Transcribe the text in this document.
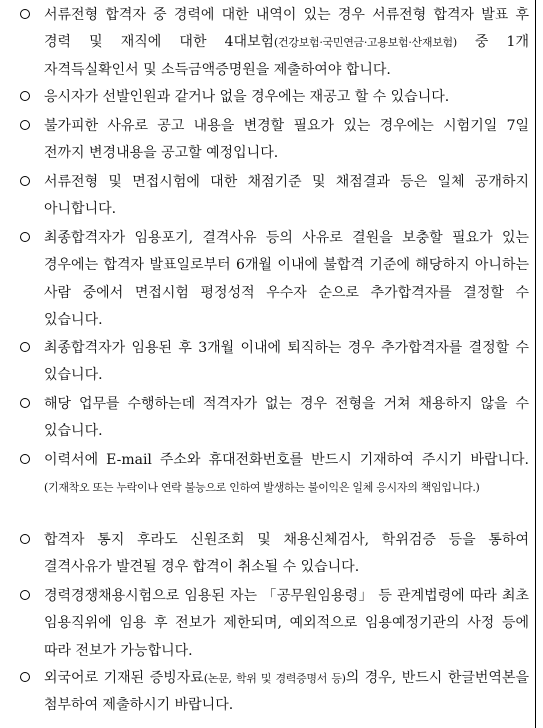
서류전형 합격자 중 경력에 대한 내역이 있는 경우 서류전형 합격자 발표 후 경력 및 재직에 대한 4대보험(건강보험·국민연금·고용보험·산재보험) 중 1개 자격득실확인서 및 소득금액증명원을 제출하여야 합니다.
응시자가 선발인원과 같거나 없을 경우에는 재공고 할 수 있습니다.
불가피한 사유로 공고 내용을 변경할 필요가 있는 경우에는 시험기일 7일 전까지 변경내용을 공고할 예정입니다.
서류전형 및 면접시험에 대한 채점기준 및 채점결과 등은 일체 공개하지 아니합니다.
최종합격자가 임용포기, 결격사유 등의 사유로 결원을 보충할 필요가 있는 경우에는 합격자 발표일로부터 6개월 이내에 불합격 기준에 해당하지 아니하는 사람 중에서 면접시험 평정성적 우수자 순으로 추가합격자를 결정할 수 있습니다.
최종합격자가 임용된 후 3개월 이내에 퇴직하는 경우 추가합격자를 결정할 수 있습니다.
해당 업무를 수행하는데 적격자가 없는 경우 전형을 거쳐 채용하지 않을 수 있습니다.
이력서에 E-mail 주소와 휴대전화번호를 반드시 기재하여 주시기 바랍니다. (기재착오 또는 누락이나 연락 불능으로 인하여 발생하는 불이익은 일체 응시자의 책임입니다.)
합격자 통지 후라도 신원조회 및 채용신체검사, 학위검증 등을 통하여 결격사유가 발견될 경우 합격이 취소될 수 있습니다.
경력경쟁채용시험으로 임용된 자는 「공무원임용령」 등 관계법령에 따라 최초 임용직위에 임용 후 전보가 제한되며, 예외적으로 임용예정기관의 사정 등에 따라 전보가 가능합니다.
외국어로 기재된 증빙자료(논문, 학위 및 경력증명서 등)의 경우, 반드시 한글번역본을 첨부하여 제출하시기 바랍니다.
